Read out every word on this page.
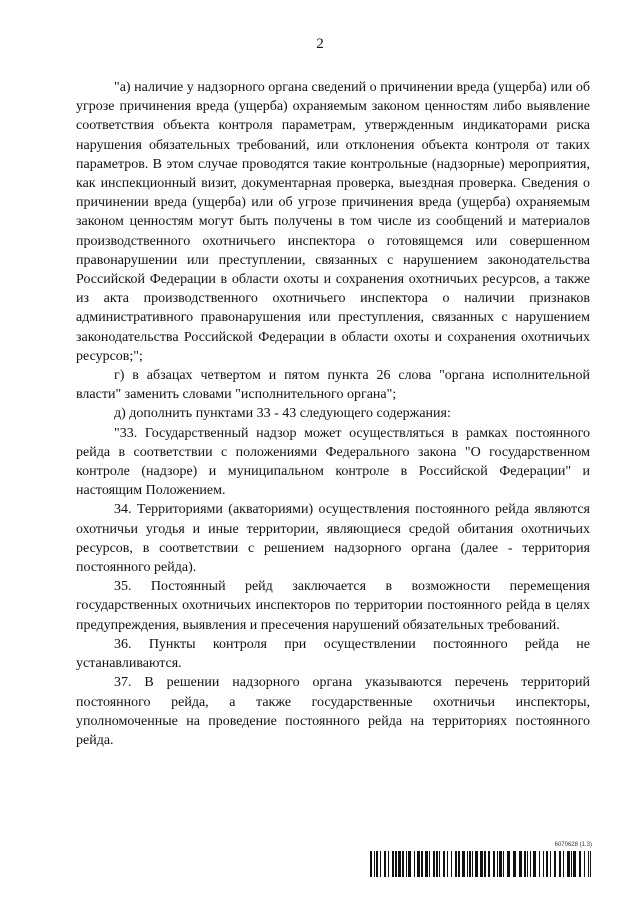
2

"а) наличие у надзорного органа сведений о причинении вреда (ущерба) или об угрозе причинения вреда (ущерба) охраняемым законом ценностям либо выявление соответствия объекта контроля параметрам, утвержденным индикаторами риска нарушения обязательных требований, или отклонения объекта контроля от таких параметров. В этом случае проводятся такие контрольные (надзорные) мероприятия, как инспекционный визит, документарная проверка, выездная проверка. Сведения о причинении вреда (ущерба) или об угрозе причинения вреда (ущерба) охраняемым законом ценностям могут быть получены в том числе из сообщений и материалов производственного охотничьего инспектора о готовящемся или совершенном правонарушении или преступлении, связанных с нарушением законодательства Российской Федерации в области охоты и сохранения охотничьих ресурсов, а также из акта производственного охотничьего инспектора о наличии признаков административного правонарушения или преступления, связанных с нарушением законодательства Российской Федерации в области охоты и сохранения охотничьих ресурсов;";

г) в абзацах четвертом и пятом пункта 26 слова "органа исполнительной власти" заменить словами "исполнительного органа";

д) дополнить пунктами 33 - 43 следующего содержания:

"33. Государственный надзор может осуществляться в рамках постоянного рейда в соответствии с положениями Федерального закона "О государственном контроле (надзоре) и муниципальном контроле в Российской Федерации" и настоящим Положением.

34. Территориями (акваториями) осуществления постоянного рейда являются охотничьи угодья и иные территории, являющиеся средой обитания охотничьих ресурсов, в соответствии с решением надзорного органа (далее - территория постоянного рейда).

35. Постоянный рейд заключается в возможности перемещения государственных охотничьих инспекторов по территории постоянного рейда в целях предупреждения, выявления и пресечения нарушений обязательных требований.

36. Пункты контроля при осуществлении постоянного рейда не устанавливаются.

37. В решении надзорного органа указываются перечень территорий постоянного рейда, а также государственные охотничьи инспекторы, уполномоченные на проведение постоянного рейда на территориях постоянного рейда.

6070628 (1.3)
